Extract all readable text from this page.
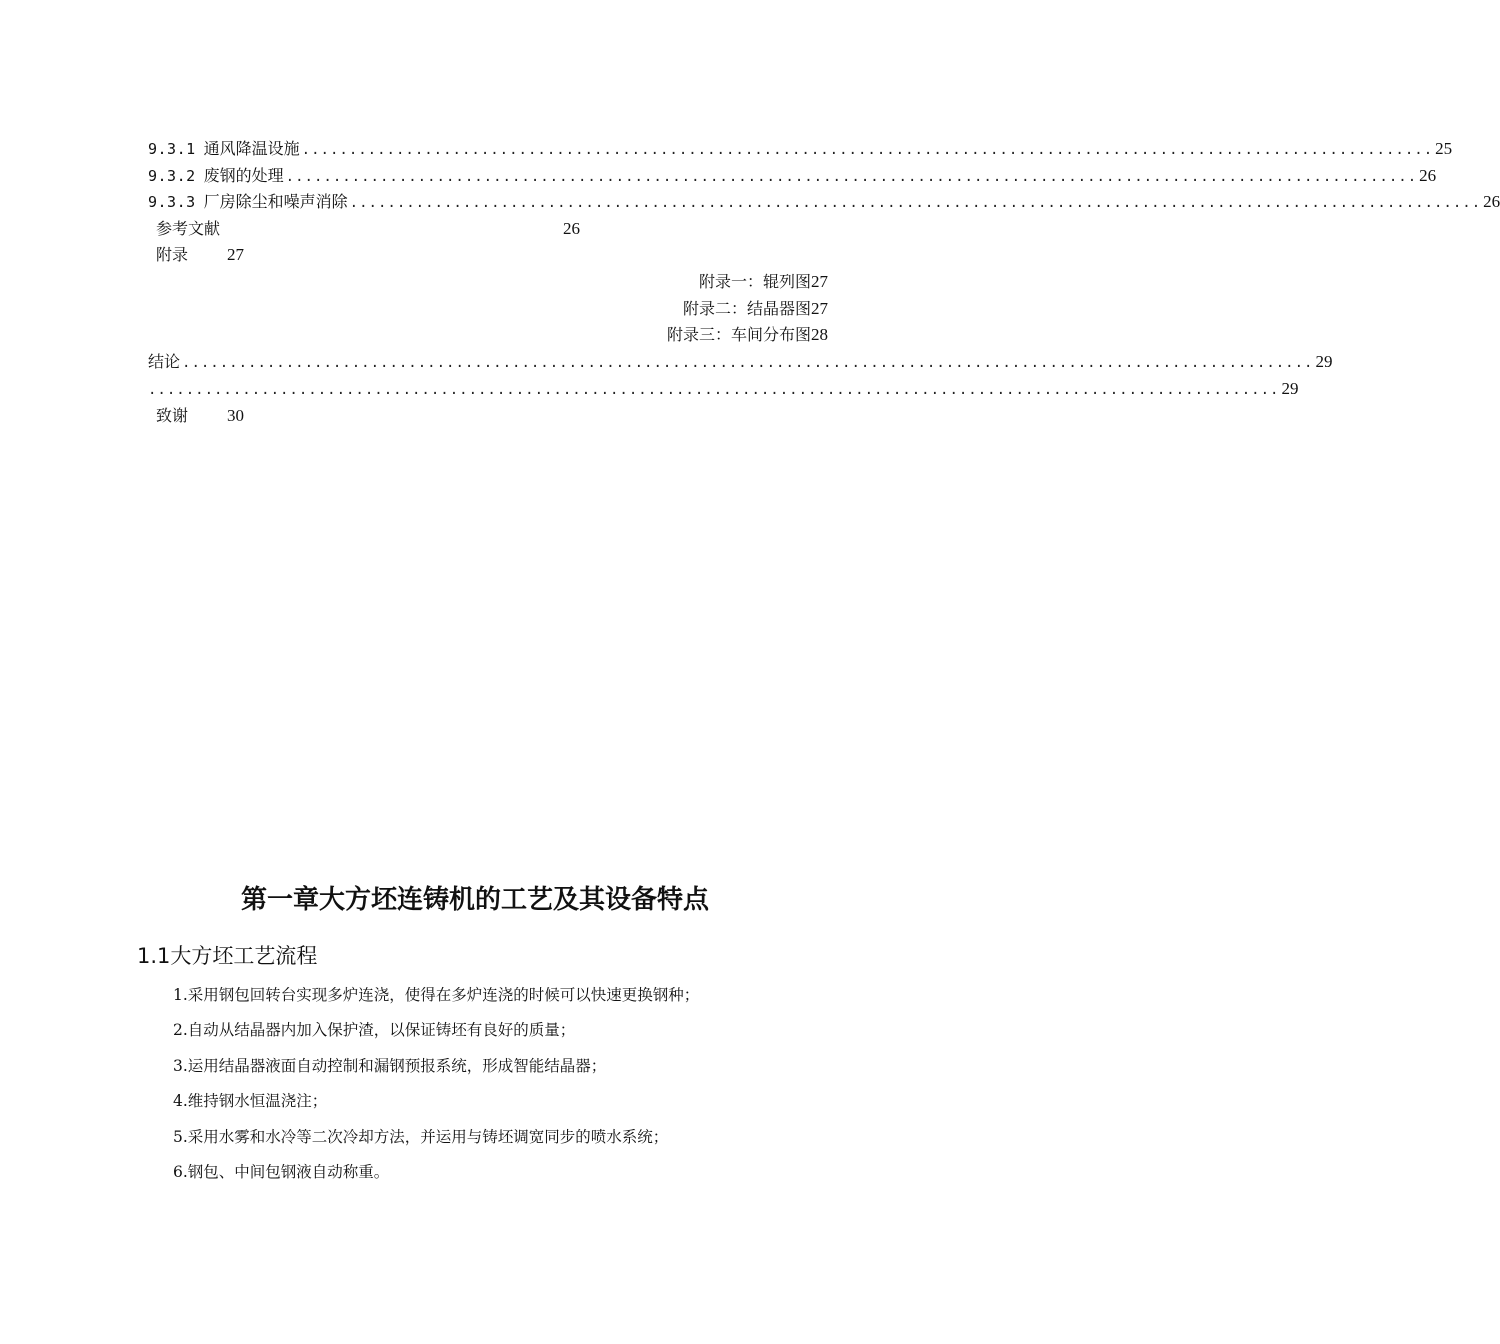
9.3.1 通风降温设施 ........................................................................................................................ 25
9.3.2 废钢的处理 ........................................................................................................................ 26
9.3.3 厂房除尘和噪声消除 ........................................................................................................................ 26
参考文献	26
附录 27
附录一：辊列图27
附录二：结晶器图27
附录三：车间分布图28
结论 ........................................................................................................................ 29
........................................................................................................................ 29
致谢 30
第一章大方坯连铸机的工艺及其设备特点
1.1大方坯工艺流程
1.采用钢包回转台实现多炉连浇，使得在多炉连浇的时候可以快速更换钢种；
2.自动从结晶器内加入保护渣，以保证铸坯有良好的质量；
3.运用结晶器液面自动控制和漏钢预报系统，形成智能结晶器；
4.维持钢水恒温浇注；
5.采用水雾和水冷等二次冷却方法，并运用与铸坯调宽同步的喷水系统；
6.钢包、中间包钢液自动称重。
